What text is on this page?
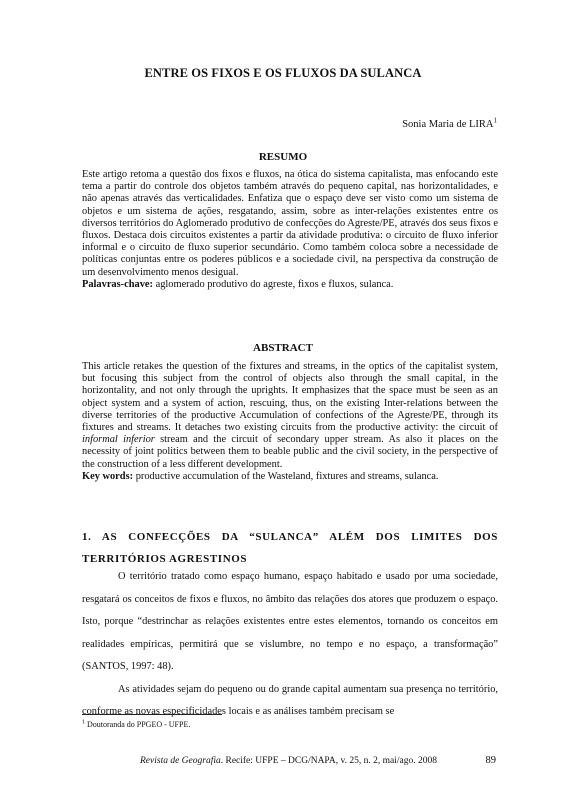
ENTRE OS FIXOS E OS FLUXOS DA SULANCA
Sonia Maria de LIRA$^1$
RESUMO

Este artigo retoma a questão dos fixos e fluxos, na ótica do sistema capitalista, mas enfocando este tema a partir do controle dos objetos também através do pequeno capital, nas horizontalidades, e não apenas através das verticalidades. Enfatiza que o espaço deve ser visto como um sistema de objetos e um sistema de ações, resgatando, assim, sobre as inter-relações existentes entre os diversos territórios do Aglomerado produtivo de confecções do Agreste/PE, através dos seus fixos e fluxos. Destaca dois circuitos existentes a partir da atividade produtiva: o circuito de fluxo inferior informal e o circuito de fluxo superior secundário. Como também coloca sobre a necessidade de políticas conjuntas entre os poderes públicos e a sociedade civil, na perspectiva da construção de um desenvolvimento menos desigual.

Palavras-chave: aglomerado produtivo do agreste, fixos e fluxos, sulanca.

ABSTRACT

This article retakes the question of the fixtures and streams, in the optics of the capitalist system, but focusing this subject from the control of objects also through the small capital, in the horizontality, and not only through the uprights. It emphasizes that the space must be seen as an object system and a system of action, rescuing, thus, on the existing Inter-relations between the diverse territories of the productive Accumulation of confections of the Agreste/PE, through its fixtures and streams. It detaches two existing circuits from the productive activity: the circuit of informal inferior stream and the circuit of secondary upper stream. As also it places on the necessity of joint politics between them to beable public and the civil society, in the perspective of the construction of a less different development.

Key words: productive accumulation of the Wasteland, fixtures and streams, sulanca.

1. AS CONFECÇÕES DA “SULANCA” ALÉM DOS LIMITES DOS TERRITÓRIOS AGRESTINOS

O território tratado como espaço humano, espaço habitado e usado por uma sociedade, resgatará os conceitos de fixos e fluxos, no âmbito das relações dos atores que produzem o espaço. Isto, porque “destrinchar as relações existentes entre estes elementos, tornando os conceitos em realidades empíricas, permitirá que se vislumbre, no tempo e no espaço, a transformação” (SANTOS, 1997: 48).

As atividades sejam do pequeno ou do grande capital aumentam sua presença no território, conforme as novas especificidades locais e as análises também precisam se

$^1$ Doutoranda do PPGEO - UFPE.
Revista de Geografia. Recife: UFPE – DCG/NAPA, v. 25, n. 2, mai/ago. 2008	89
